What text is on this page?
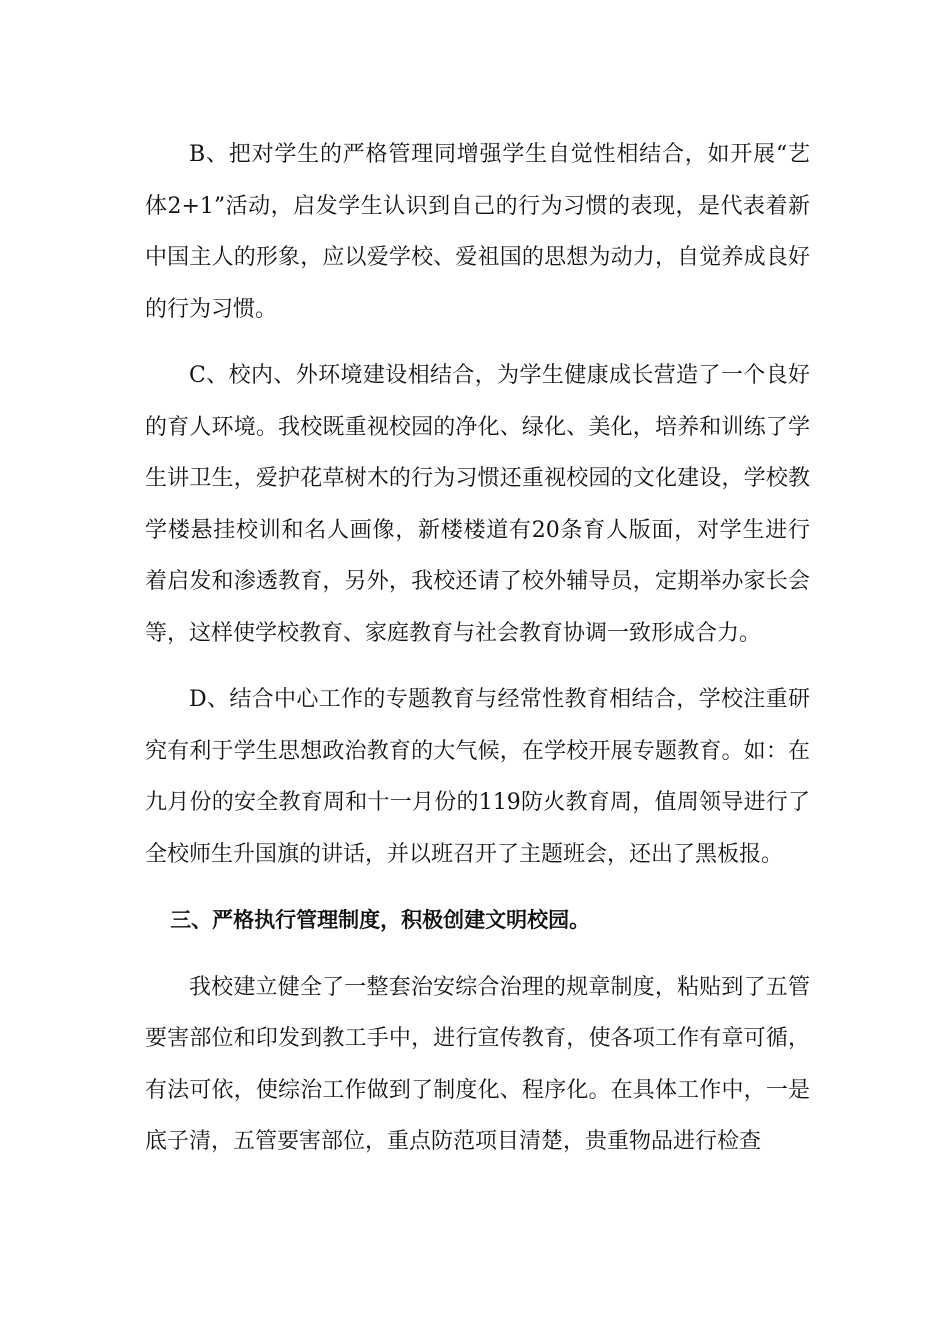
B、把对学生的严格管理同增强学生自觉性相结合，如开展“艺体2+1”活动，启发学生认识到自己的行为习惯的表现，是代表着新中国主人的形象，应以爱学校、爱祖国的思想为动力，自觉养成良好的行为习惯。

C、校内、外环境建设相结合，为学生健康成长营造了一个良好的育人环境。我校既重视校园的净化、绿化、美化，培养和训练了学生讲卫生，爱护花草树木的行为习惯还重视校园的文化建设，学校教学楼悬挂校训和名人画像，新楼楼道有20条育人版面，对学生进行着启发和渗透教育，另外，我校还请了校外辅导员，定期举办家长会等，这样使学校教育、家庭教育与社会教育协调一致形成合力。

D、结合中心工作的专题教育与经常性教育相结合，学校注重研究有利于学生思想政治教育的大气候，在学校开展专题教育。如：在九月份的安全教育周和十一月份的119防火教育周，值周领导进行了全校师生升国旗的讲话，并以班召开了主题班会，还出了黑板报。

三、严格执行管理制度，积极创建文明校园。

我校建立健全了一整套治安综合治理的规章制度，粘贴到了五管要害部位和印发到教工手中，进行宣传教育，使各项工作有章可循，有法可依，使综治工作做到了制度化、程序化。在具体工作中，一是底子清，五管要害部位，重点防范项目清楚，贵重物品进行检查
